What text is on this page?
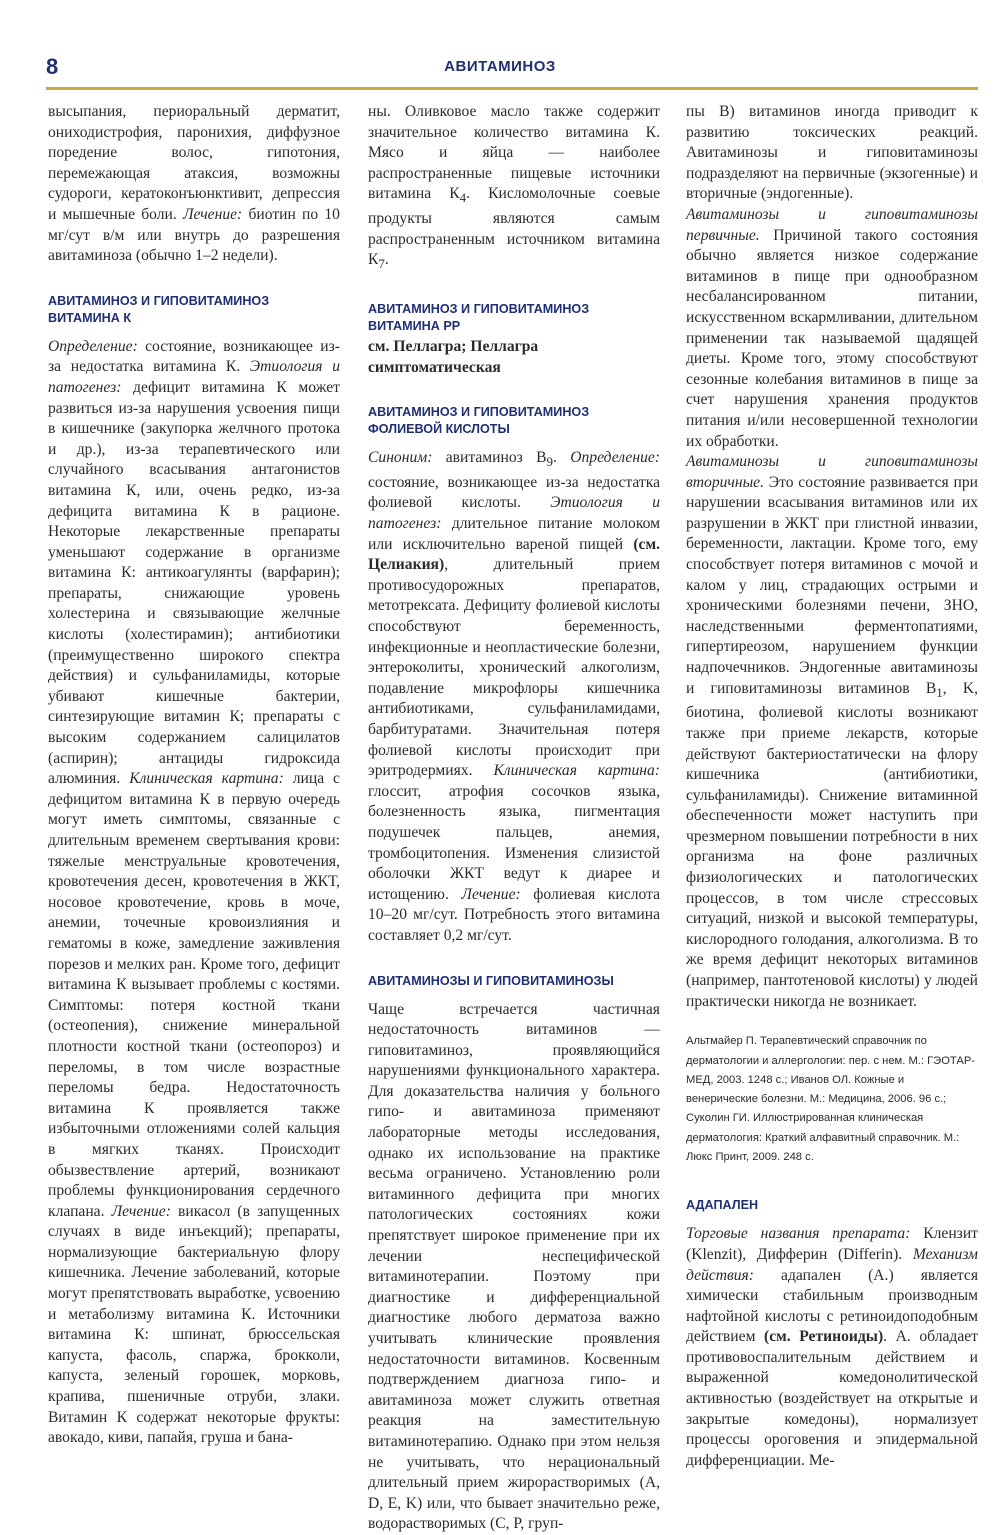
8	АВИТАМИНОЗ

высыпания, периоральный дерматит, ониходистрофия, паронихия, диффузное поредение волос, гипотония, перемежающая атаксия, возможны судороги, кератоконъюнктивит, депрессия и мышечные боли. Лечение: биотин по 10 мг/сут в/м или внутрь до разрешения авитаминоза (обычно 1–2 недели).

АВИТАМИНОЗ И ГИПОВИТАМИНОЗ ВИТАМИНА К

Определение: состояние, возникающее из-за недостатка витамина К. Этиология и патогенез: дефицит витамина К может развиться из-за нарушения усвоения пищи в кишечнике (закупорка желчного протока и др.), из-за терапевтического или случайного всасывания антагонистов витамина К, или, очень редко, из-за дефицита витамина К в рационе. Некоторые лекарственные препараты уменьшают содержание в организме витамина К: антикоагулянты (варфарин); препараты, снижающие уровень холестерина и связывающие желчные кислоты (холестирамин); антибиотики (преимущественно широкого спектра действия) и сульфаниламиды, которые убивают кишечные бактерии, синтезирующие витамин К; препараты с высоким содержанием салицилатов (аспирин); антациды гидроксида алюминия. Клиническая картина: лица с дефицитом витамина К в первую очередь могут иметь симптомы, связанные с длительным временем свертывания крови: тяжелые менструальные кровотечения, кровотечения десен, кровотечения в ЖКТ, носовое кровотечение, кровь в моче, анемии, точечные кровоизлияния и гематомы в коже, замедление заживления порезов и мелких ран. Кроме того, дефицит витамина К вызывает проблемы с костями. Симптомы: потеря костной ткани (остеопения), снижение минеральной плотности костной ткани (остеопороз) и переломы, в том числе возрастные переломы бедра. Недостаточность витамина К проявляется также избыточными отложениями солей кальция в мягких тканях. Происходит обызвествление артерий, возникают проблемы функционирования сердечного клапана. Лечение: викасол (в запущенных случаях в виде инъекций); препараты, нормализующие бактериальную флору кишечника. Лечение заболеваний, которые могут препятствовать выработке, усвоению и метаболизму витамина К. Источники витамина К: шпинат, брюссельская капуста, фасоль, спаржа, брокколи, капуста, зеленый горошек, морковь, крапива, пшеничные отруби, злаки. Витамин К содержат некоторые фрукты: авокадо, киви, папайя, груша и бана-

ны. Оливковое масло также содержит значительное количество витамина К. Мясо и яйца — наиболее распространенные пищевые источники витамина $К_4$. Кисломолочные соевые продукты являются самым распространенным источником витамина $К_7$.

АВИТАМИНОЗ И ГИПОВИТАМИНОЗ ВИТАМИНА РР

см. Пеллагра; Пеллагра симптоматическая

АВИТАМИНОЗ И ГИПОВИТАМИНОЗ ФОЛИЕВОЙ КИСЛОТЫ

Синоним: авитаминоз $В_9$. Определение: состояние, возникающее из-за недостатка фолиевой кислоты. Этиология и патогенез: длительное питание молоком или исключительно вареной пищей (см. Целиакия), длительный прием противосудорожных препаратов, метотрексата. Дефициту фолиевой кислоты способствуют беременность, инфекционные и неопластические болезни, энтероколиты, хронический алкоголизм, подавление микрофлоры кишечника антибиотиками, сульфаниламидами, барбитуратами. Значительная потеря фолиевой кислоты происходит при эритродермиях. Клиническая картина: глоссит, атрофия сосочков языка, болезненность языка, пигментация подушечек пальцев, анемия, тромбоцитопения. Изменения слизистой оболочки ЖКТ ведут к диарее и истощению. Лечение: фолиевая кислота 10–20 мг/сут. Потребность этого витамина составляет 0,2 мг/сут.

АВИТАМИНОЗЫ И ГИПОВИТАМИНОЗЫ

Чаще встречается частичная недостаточность витаминов — гиповитаминоз, проявляющийся нарушениями функционального характера. Для доказательства наличия у больного гипо- и авитаминоза применяют лабораторные методы исследования, однако их использование на практике весьма ограничено. Установлению роли витаминного дефицита при многих патологических состояниях кожи препятствует широкое применение при их лечении неспецифической витаминотерапии. Поэтому при диагностике и дифференциальной диагностике любого дерматоза важно учитывать клинические проявления недостаточности витаминов. Косвенным подтверждением диагноза гипо- и авитаминоза может служить ответная реакция на заместительную витаминотерапию. Однако при этом нельзя не учитывать, что нерациональный длительный прием жирорастворимых (A, D, E, K) или, что бывает значительно реже, водорастворимых (C, P, груп-

пы B) витаминов иногда приводит к развитию токсических реакций. Авитаминозы и гиповитаминозы подразделяют на первичные (экзогенные) и вторичные (эндогенные).

Авитаминозы и гиповитаминозы первичные. Причиной такого состояния обычно является низкое содержание витаминов в пище при однообразном несбалансированном питании, искусственном вскармливании, длительном применении так называемой щадящей диеты. Кроме того, этому способствуют сезонные колебания витаминов в пище за счет нарушения хранения продуктов питания и/или несовершенной технологии их обработки.

Авитаминозы и гиповитаминозы вторичные. Это состояние развивается при нарушении всасывания витаминов или их разрушении в ЖКТ при глистной инвазии, беременности, лактации. Кроме того, ему способствует потеря витаминов с мочой и калом у лиц, страдающих острыми и хроническими болезнями печени, ЗНО, наследственными ферментопатиями, гипертиреозом, нарушением функции надпочечников. Эндогенные авитаминозы и гиповитаминозы витаминов $B_1$, K, биотина, фолиевой кислоты возникают также при приеме лекарств, которые действуют бактериостатически на флору кишечника (антибиотики, сульфаниламиды). Снижение витаминной обеспеченности может наступить при чрезмерном повышении потребности в них организма на фоне различных физиологических и патологических процессов, в том числе стрессовых ситуаций, низкой и высокой температуры, кислородного голодания, алкоголизма. В то же время дефицит некоторых витаминов (например, пантотеновой кислоты) у людей практически никогда не возникает.

Альтмайер П. Терапевтический справочник по дерматологии и аллергологии: пер. с нем. М.: ГЭОТАР-МЕД, 2003. 1248 с.; Иванов ОЛ. Кожные и венерические болезни. М.: Медицина, 2006. 96 с.; Суколин ГИ. Иллюстрированная клиническая дерматология: Краткий алфавитный справочник. М.: Люкс Принт, 2009. 248 с.

АДАПАЛЕН

Торговые названия препарата: Клензит (Klenzit), Дифферин (Differin). Механизм действия: адапален (А.) является химически стабильным производным нафтойной кислоты с ретиноидоподобным действием (см. Ретиноиды). А. обладает противовоспалительным действием и выраженной комедонолитической активностью (воздействует на открытые и закрытые комедоны), нормализует процессы ороговения и эпидермальной дифференциации. Ме-
